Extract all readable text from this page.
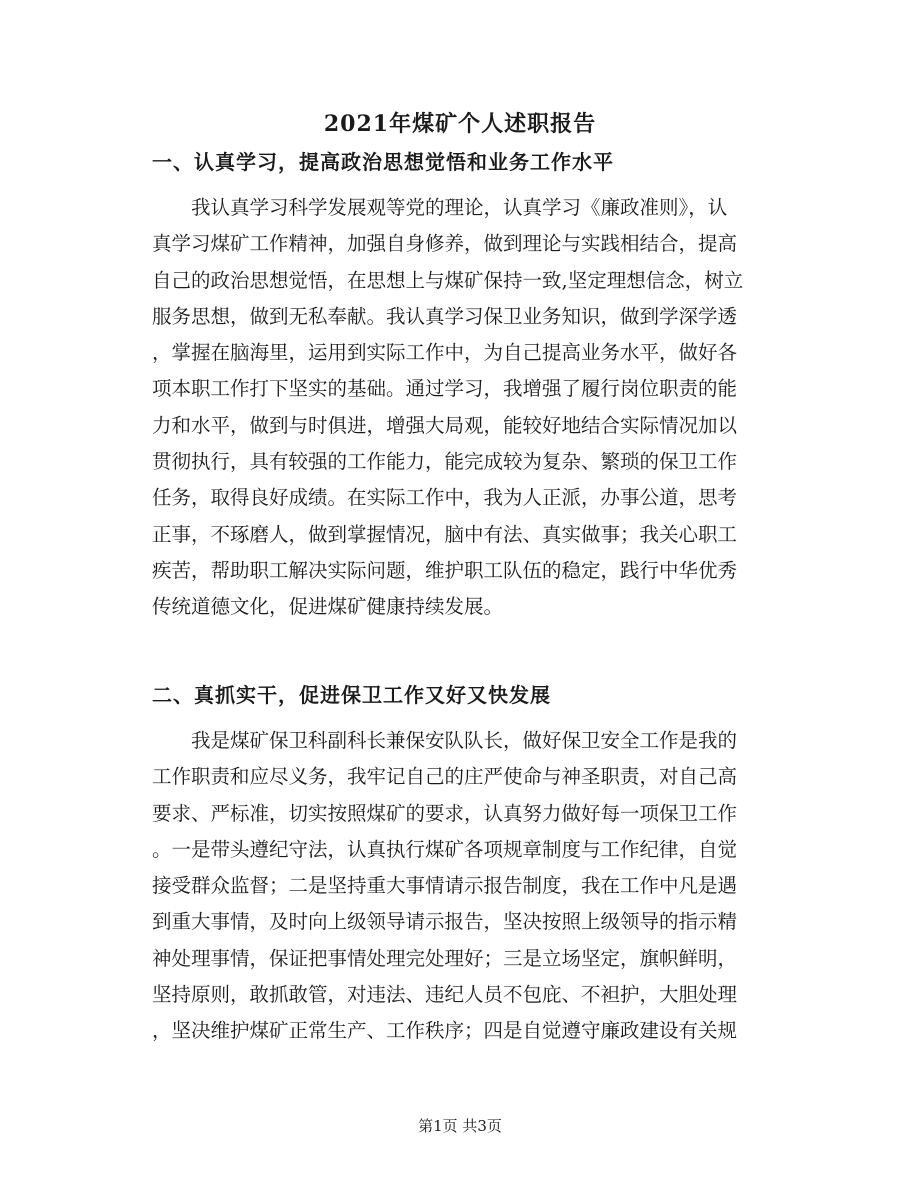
2021年煤矿个人述职报告
一、认真学习，提高政治思想觉悟和业务工作水平
　　我认真学习科学发展观等党的理论，认真学习《廉政准则》，认
真学习煤矿工作精神，加强自身修养，做到理论与实践相结合，提高
自己的政治思想觉悟，在思想上与煤矿保持一致,坚定理想信念，树立
服务思想，做到无私奉献。我认真学习保卫业务知识，做到学深学透
，掌握在脑海里，运用到实际工作中，为自己提高业务水平，做好各
项本职工作打下坚实的基础。通过学习，我增强了履行岗位职责的能
力和水平，做到与时俱进，增强大局观，能较好地结合实际情况加以
贯彻执行，具有较强的工作能力，能完成较为复杂、繁琐的保卫工作
任务，取得良好成绩。在实际工作中，我为人正派，办事公道，思考
正事，不琢磨人，做到掌握情况，脑中有法、真实做事；我关心职工
疾苦，帮助职工解决实际问题，维护职工队伍的稳定，践行中华优秀
传统道德文化，促进煤矿健康持续发展。
二、真抓实干，促进保卫工作又好又快发展
　　我是煤矿保卫科副科长兼保安队队长，做好保卫安全工作是我的
工作职责和应尽义务，我牢记自己的庄严使命与神圣职责，对自己高
要求、严标准，切实按照煤矿的要求，认真努力做好每一项保卫工作
。一是带头遵纪守法，认真执行煤矿各项规章制度与工作纪律，自觉
接受群众监督；二是坚持重大事情请示报告制度，我在工作中凡是遇
到重大事情，及时向上级领导请示报告，坚决按照上级领导的指示精
神处理事情，保证把事情处理完处理好；三是立场坚定，旗帜鲜明，
坚持原则，敢抓敢管，对违法、违纪人员不包庇、不袒护，大胆处理
，坚决维护煤矿正常生产、工作秩序；四是自觉遵守廉政建设有关规
第1页 共3页
